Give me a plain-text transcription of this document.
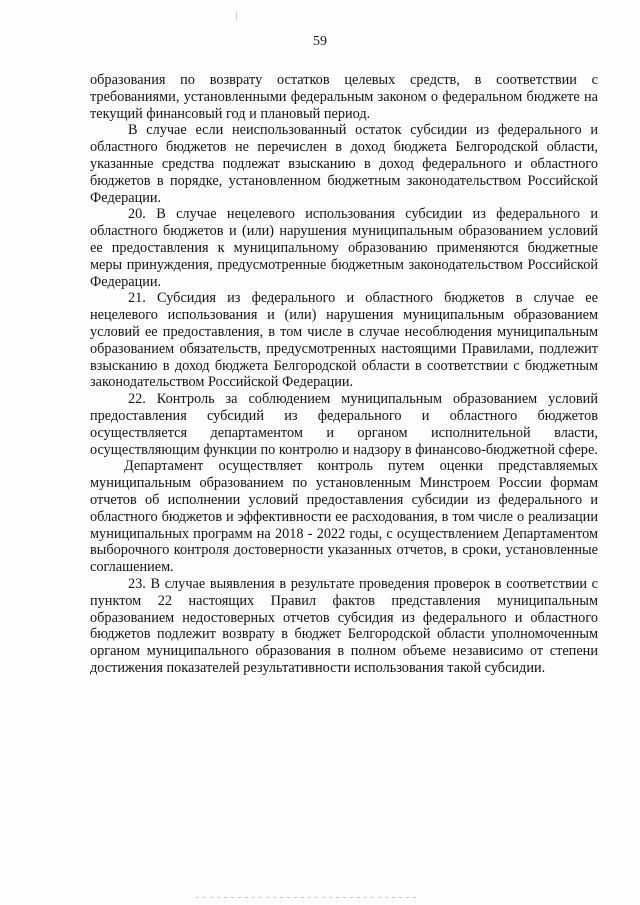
59

образования по возврату остатков целевых средств, в соответствии с требованиями, установленными федеральным законом о федеральном бюджете на текущий финансовый год и плановый период.

В случае если неиспользованный остаток субсидии из федерального и областного бюджетов не перечислен в доход бюджета Белгородской области, указанные средства подлежат взысканию в доход федерального и областного бюджетов в порядке, установленном бюджетным законодательством Российской Федерации.

20. В случае нецелевого использования субсидии из федерального и областного бюджетов и (или) нарушения муниципальным образованием условий ее предоставления к муниципальному образованию применяются бюджетные меры принуждения, предусмотренные бюджетным законодательством Российской Федерации.

21. Субсидия из федерального и областного бюджетов в случае ее нецелевого использования и (или) нарушения муниципальным образованием условий ее предоставления, в том числе в случае несоблюдения муниципальным образованием обязательств, предусмотренных настоящими Правилами, подлежит взысканию в доход бюджета Белгородской области в соответствии с бюджетным законодательством Российской Федерации.

22. Контроль за соблюдением муниципальным образованием условий предоставления субсидий из федерального и областного бюджетов осуществляется департаментом и органом исполнительной власти, осуществляющим функции по контролю и надзору в финансово-бюджетной сфере.

Департамент осуществляет контроль путем оценки представляемых муниципальным образованием по установленным Минстроем России формам отчетов об исполнении условий предоставления субсидии из федерального и областного бюджетов и эффективности ее расходования, в том числе о реализации муниципальных программ на 2018 - 2022 годы, с осуществлением Департаментом выборочного контроля достоверности указанных отчетов, в сроки, установленные соглашением.

23. В случае выявления в результате проведения проверок в соответствии с пунктом 22 настоящих Правил фактов представления муниципальным образованием недостоверных отчетов субсидия из федерального и областного бюджетов подлежит возврату в бюджет Белгородской области уполномоченным органом муниципального образования в полном объеме независимо от степени достижения показателей результативности использования такой субсидии.
